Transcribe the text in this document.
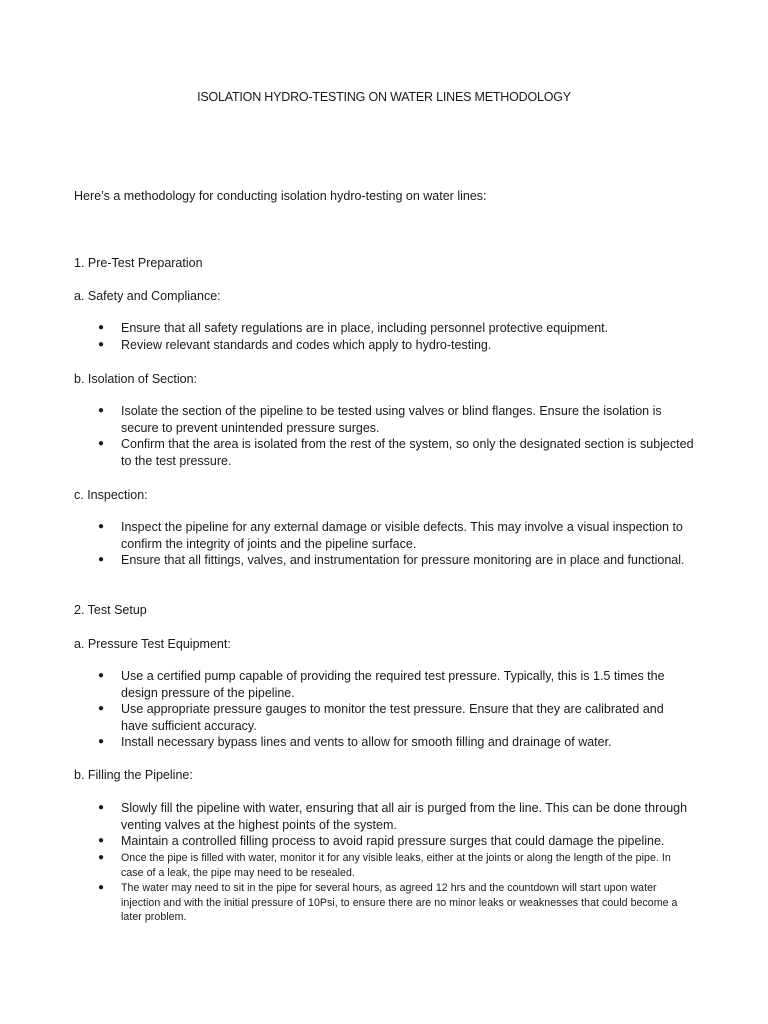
ISOLATION HYDRO-TESTING ON WATER LINES METHODOLOGY
Here’s a methodology for conducting isolation hydro-testing on water lines:
1. Pre-Test Preparation
a. Safety and Compliance:
● Ensure that all safety regulations are in place, including personnel protective equipment.
● Review relevant standards and codes which apply to hydro-testing.
b. Isolation of Section:
● Isolate the section of the pipeline to be tested using valves or blind flanges. Ensure the isolation is secure to prevent unintended pressure surges.
● Confirm that the area is isolated from the rest of the system, so only the designated section is subjected to the test pressure.
c. Inspection:
● Inspect the pipeline for any external damage or visible defects. This may involve a visual inspection to confirm the integrity of joints and the pipeline surface.
● Ensure that all fittings, valves, and instrumentation for pressure monitoring are in place and functional.
2. Test Setup
a. Pressure Test Equipment:
● Use a certified pump capable of providing the required test pressure. Typically, this is 1.5 times the design pressure of the pipeline.
● Use appropriate pressure gauges to monitor the test pressure. Ensure that they are calibrated and have sufficient accuracy.
● Install necessary bypass lines and vents to allow for smooth filling and drainage of water.
b. Filling the Pipeline:
● Slowly fill the pipeline with water, ensuring that all air is purged from the line. This can be done through venting valves at the highest points of the system.
● Maintain a controlled filling process to avoid rapid pressure surges that could damage the pipeline.
● Once the pipe is filled with water, monitor it for any visible leaks, either at the joints or along the length of the pipe. In case of a leak, the pipe may need to be resealed.
● The water may need to sit in the pipe for several hours, as agreed 12 hrs and the countdown will start upon water injection and with the initial pressure of 10Psi, to ensure there are no minor leaks or weaknesses that could become a later problem.
